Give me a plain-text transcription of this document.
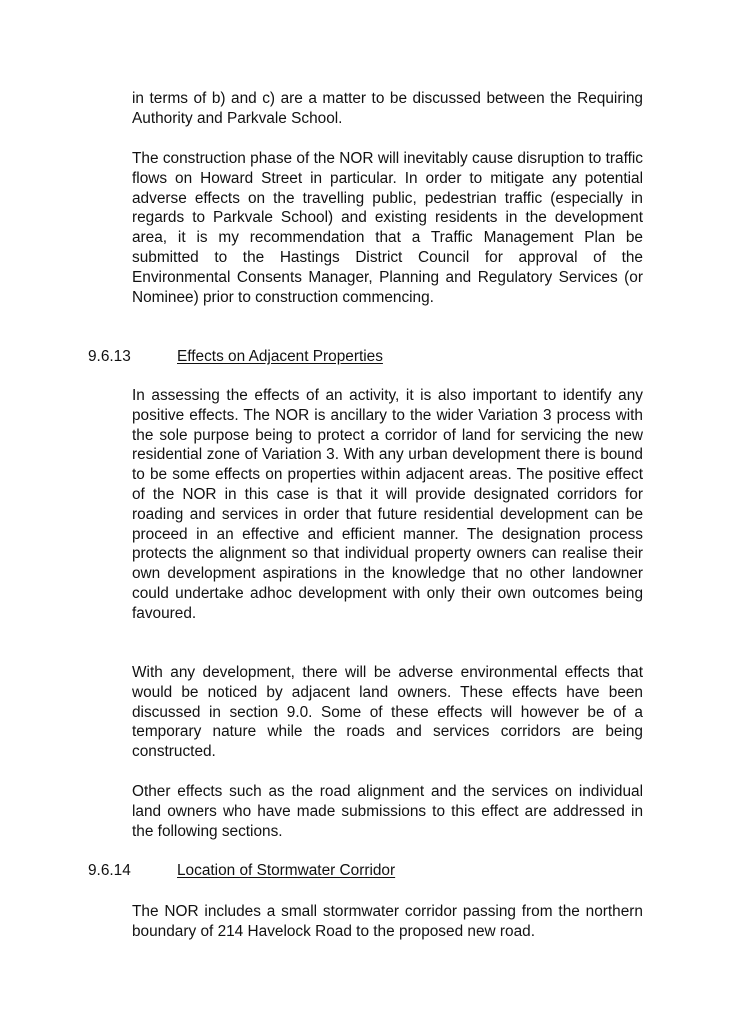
in terms of b) and c) are a matter to be discussed between the Requiring Authority and Parkvale School.

The construction phase of the NOR will inevitably cause disruption to traffic flows on Howard Street in particular. In order to mitigate any potential adverse effects on the travelling public, pedestrian traffic (especially in regards to Parkvale School) and existing residents in the development area, it is my recommendation that a Traffic Management Plan be submitted to the Hastings District Council for approval of the Environmental Consents Manager, Planning and Regulatory Services (or Nominee) prior to construction commencing.

9.6.13	Effects on Adjacent Properties

In assessing the effects of an activity, it is also important to identify any positive effects. The NOR is ancillary to the wider Variation 3 process with the sole purpose being to protect a corridor of land for servicing the new residential zone of Variation 3. With any urban development there is bound to be some effects on properties within adjacent areas. The positive effect of the NOR in this case is that it will provide designated corridors for roading and services in order that future residential development can be proceed in an effective and efficient manner. The designation process protects the alignment so that individual property owners can realise their own development aspirations in the knowledge that no other landowner could undertake adhoc development with only their own outcomes being favoured.

With any development, there will be adverse environmental effects that would be noticed by adjacent land owners. These effects have been discussed in section 9.0. Some of these effects will however be of a temporary nature while the roads and services corridors are being constructed.

Other effects such as the road alignment and the services on individual land owners who have made submissions to this effect are addressed in the following sections.

9.6.14	Location of Stormwater Corridor

The NOR includes a small stormwater corridor passing from the northern boundary of 214 Havelock Road to the proposed new road.
